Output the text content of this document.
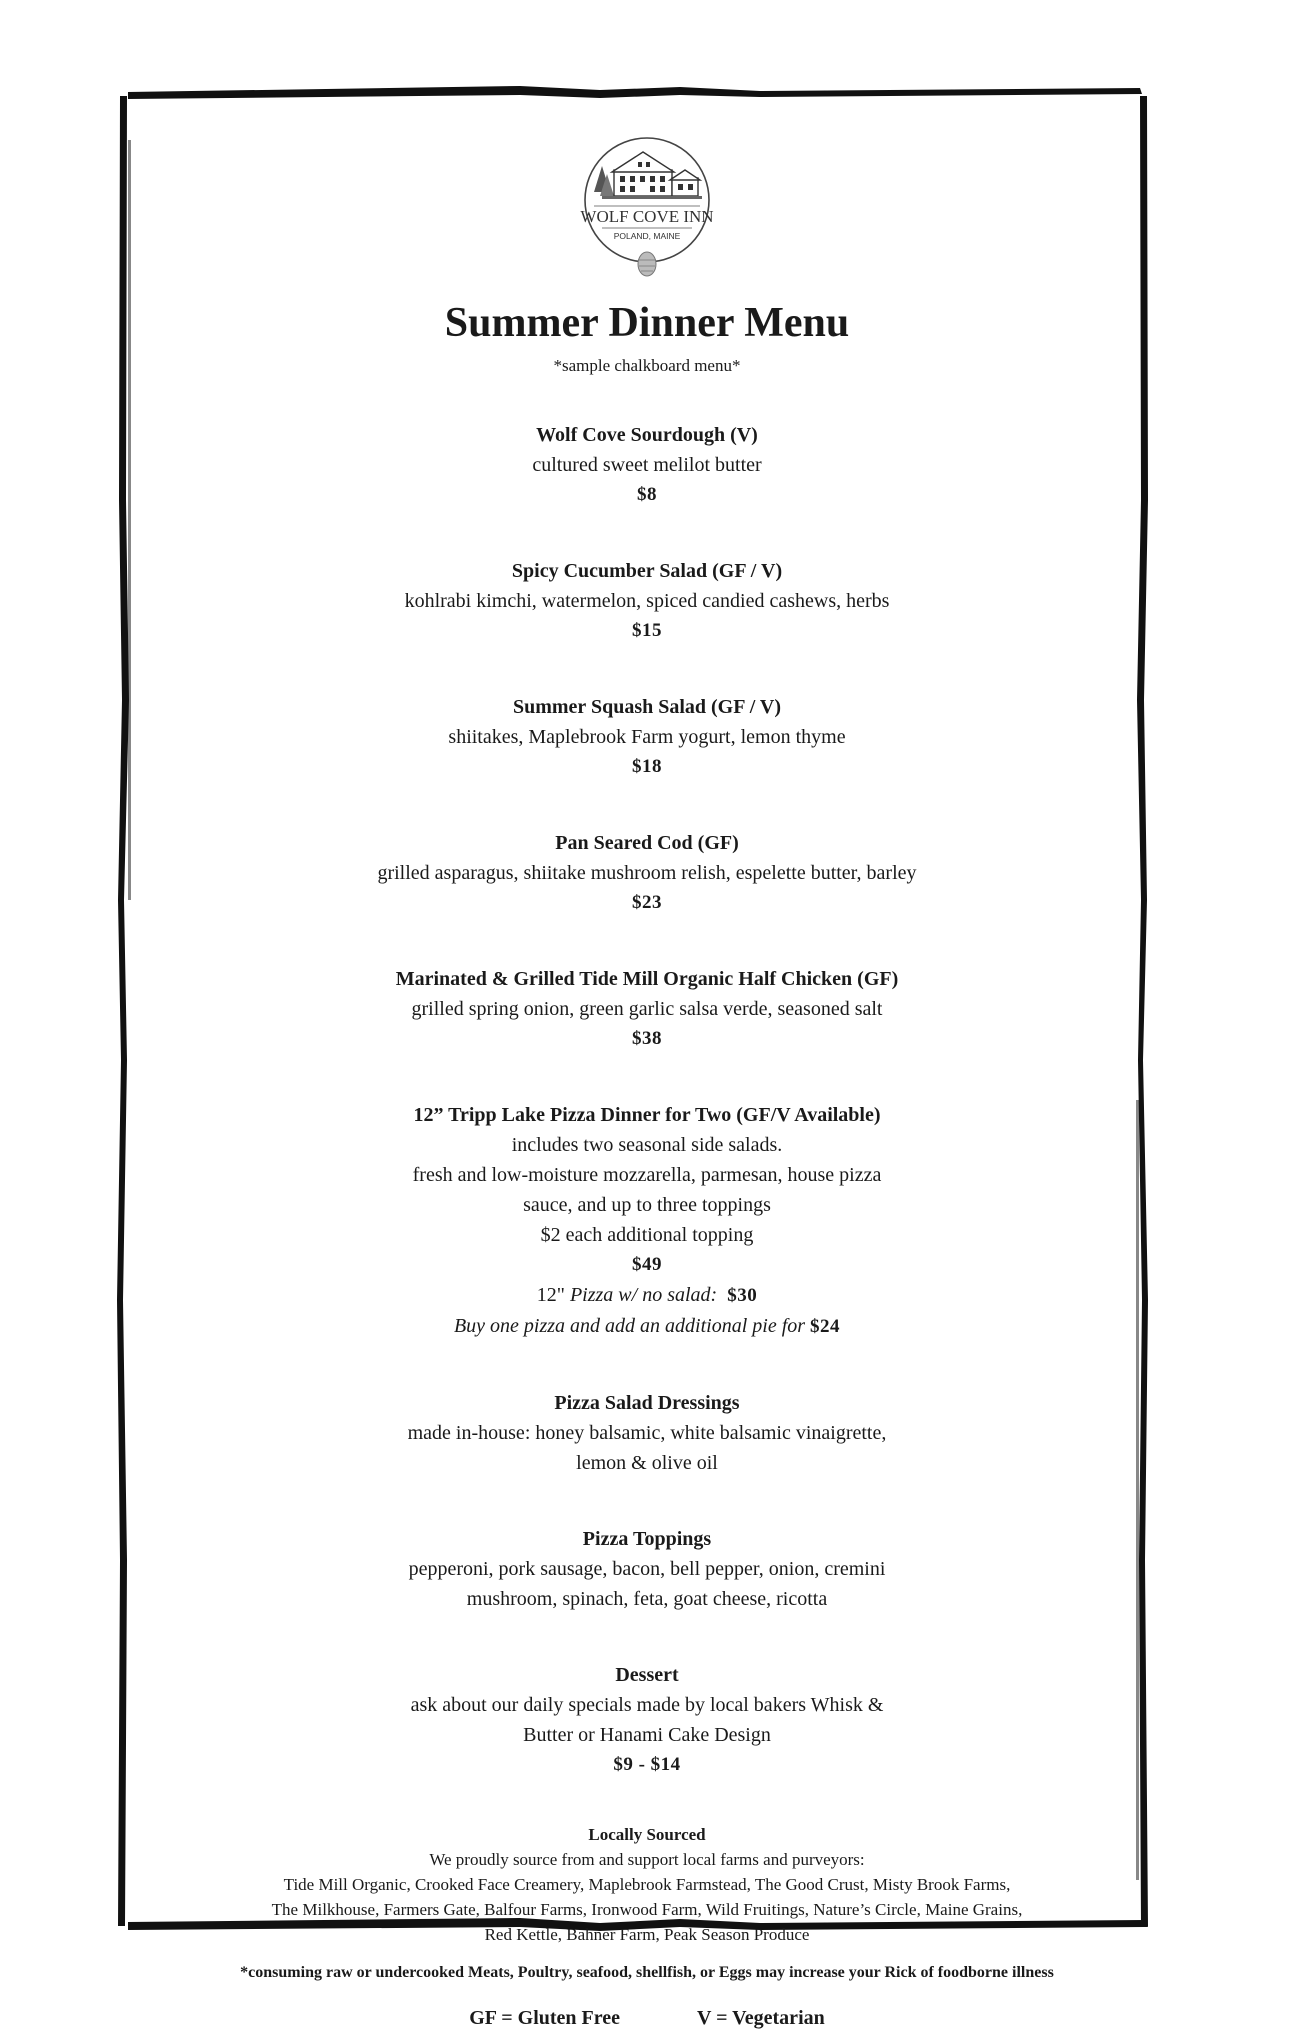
WOLF COVE INN
POLAND, MAINE
Summer Dinner Menu
*sample chalkboard menu*
Wolf Cove Sourdough (V)
cultured sweet melilot butter
$8
Spicy Cucumber Salad (GF / V)
kohlrabi kimchi, watermelon, spiced candied cashews, herbs
$15
Summer Squash Salad (GF / V)
shiitakes, Maplebrook Farm yogurt, lemon thyme
$18
Pan Seared Cod (GF)
grilled asparagus, shiitake mushroom relish, espelette butter, barley
$23
Marinated & Grilled Tide Mill Organic Half Chicken (GF)
grilled spring onion, green garlic salsa verde, seasoned salt
$38
12” Tripp Lake Pizza Dinner for Two (GF/V Available)
includes two seasonal side salads.
fresh and low-moisture mozzarella, parmesan, house pizza
sauce, and up to three toppings
$2 each additional topping
$49
12" Pizza w/ no salad: $30
Buy one pizza and add an additional pie for $24
Pizza Salad Dressings
made in-house: honey balsamic, white balsamic vinaigrette,
lemon & olive oil
Pizza Toppings
pepperoni, pork sausage, bacon, bell pepper, onion, cremini
mushroom, spinach, feta, goat cheese, ricotta
Dessert
ask about our daily specials made by local bakers Whisk &
Butter or Hanami Cake Design
$9 - $14
Locally Sourced
We proudly source from and support local farms and purveyors:
Tide Mill Organic, Crooked Face Creamery, Maplebrook Farmstead, The Good Crust, Misty Brook Farms,
The Milkhouse, Farmers Gate, Balfour Farms, Ironwood Farm, Wild Fruitings, Nature’s Circle, Maine Grains,
Red Kettle, Bahner Farm, Peak Season Produce
*consuming raw or undercooked Meats, Poultry, seafood, shellfish, or Eggs may increase your Rick of foodborne illness
GF = Gluten Free	V = Vegetarian
